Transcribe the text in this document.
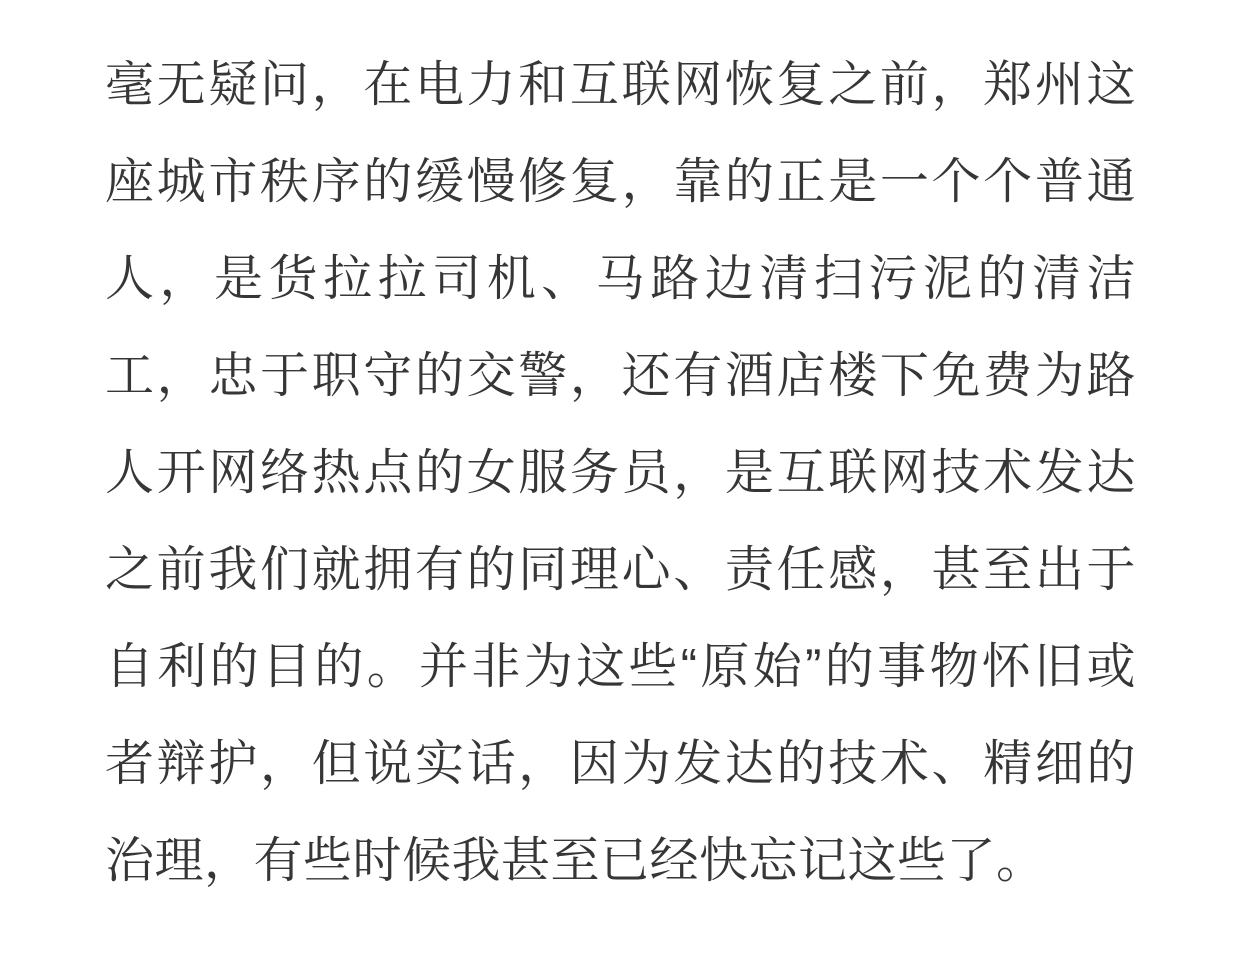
毫无疑问，在电力和互联网恢复之前，郑州这
座城市秩序的缓慢修复，靠的正是一个个普通
人，是货拉拉司机、马路边清扫污泥的清洁
工，忠于职守的交警，还有酒店楼下免费为路
人开网络热点的女服务员，是互联网技术发达
之前我们就拥有的同理心、责任感，甚至出于
自利的目的。并非为这些“原始”的事物怀旧或
者辩护，但说实话，因为发达的技术、精细的
治理，有些时候我甚至已经快忘记这些了。
